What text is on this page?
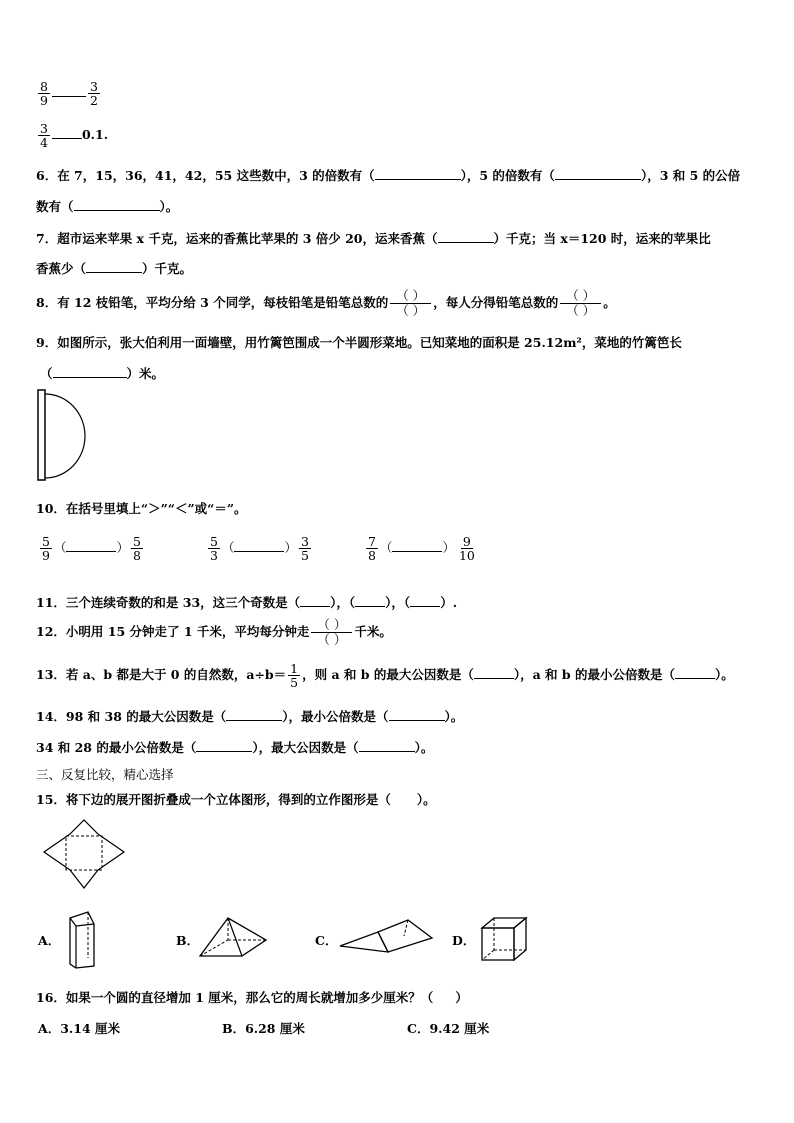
$\frac{8}{9}$	$\frac{3}{2}$
$\frac{3}{4}$	0.1.
6．在 7，15，36，41，42，55 这些数中，3 的倍数有（	），5 的倍数有（	），3 和 5 的公倍
数有（	）。
7．超市运来苹果 x 千克，运来的香蕉比苹果的 3 倍少 20，运来香蕉（	）千克；当 x＝120 时，运来的苹果比
香蕉少（	）千克。
8．有 12 枝铅笔，平均分给 3 个同学，每枝铅笔是铅笔总数的 （ ）
（ ）
，每人分得铅笔总数的 （ ）
（ ）
。
9．如图所示，张大伯利用一面墙壁，用竹篱笆围成一个半圆形菜地。已知菜地的面积是 25.12m²，菜地的竹篱笆长
（	）米。
10．在括号里填上“＞”“＜”或“＝”。
$\frac{5}{9}$ （	） $\frac{5}{8}$
	$\frac{5}{3}$ （	） $\frac{3}{5}$
	$\frac{7}{8}$ （	） $\frac{9}{10}$
11．三个连续奇数的和是 33，这三个奇数是（ ），（ ），（ ）.
12．小明用 15 分钟走了 1 千米，平均每分钟走 （ ）
（ ）
千米。
13．若 a、b 都是大于 0 的自然数，$a\div b= \frac{1}{5}$ ，则 a 和 b 的最大公因数是（	），a 和 b 的最小公倍数是（	）。
14．98 和 38 的最大公因数是（	），最小公倍数是（	）。
34 和 28 的最小公倍数是（	），最大公因数是（	）。
三、反复比较，精心选择
15．将下边的展开图折叠成一个立体图形，得到的立作图形是（ ）。
A．	B．	C．	D．
16．如果一个圆的直径增加 1 厘米，那么它的周长就增加多少厘米？（ ）
A．3.14 厘米	B．6.28 厘米	C．9.42 厘米
